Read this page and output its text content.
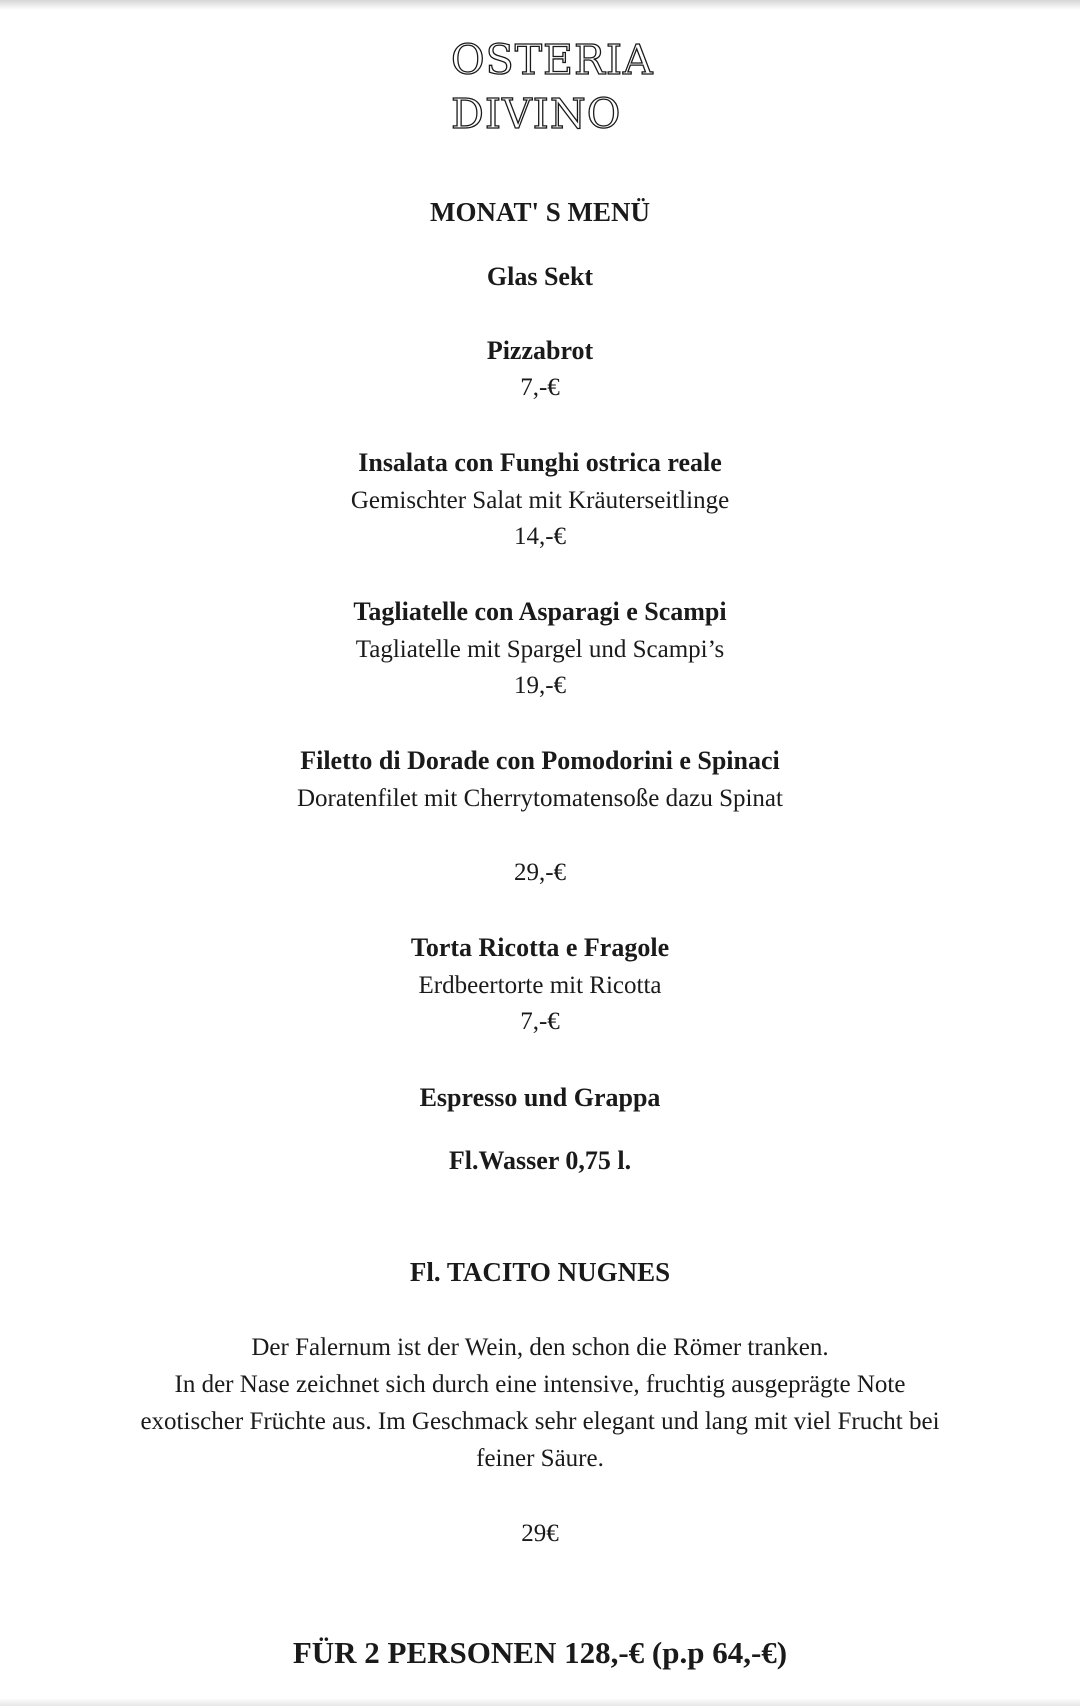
OSTERIA
DIVINO
MONAT' S MENÜ
Glas Sekt
Pizzabrot
7,-€
Insalata con Funghi ostrica reale
Gemischter Salat mit Kräuterseitlinge
14,-€
Tagliatelle con Asparagi e Scampi
Tagliatelle mit Spargel und Scampi’s
19,-€
Filetto di Dorade con Pomodorini e Spinaci
Doratenfilet mit Cherrytomatensoße dazu Spinat
29,-€
Torta Ricotta e Fragole
Erdbeertorte mit Ricotta
7,-€
Espresso und Grappa
Fl.Wasser 0,75 l.
Fl. TACITO NUGNES
Der Falernum ist der Wein, den schon die Römer tranken.
In der Nase zeichnet sich durch eine intensive, fruchtig ausgeprägte Note
exotischer Früchte aus. Im Geschmack sehr elegant und lang mit viel Frucht bei
feiner Säure.
29€
FÜR 2 PERSONEN 128,-€ (p.p 64,-€)
